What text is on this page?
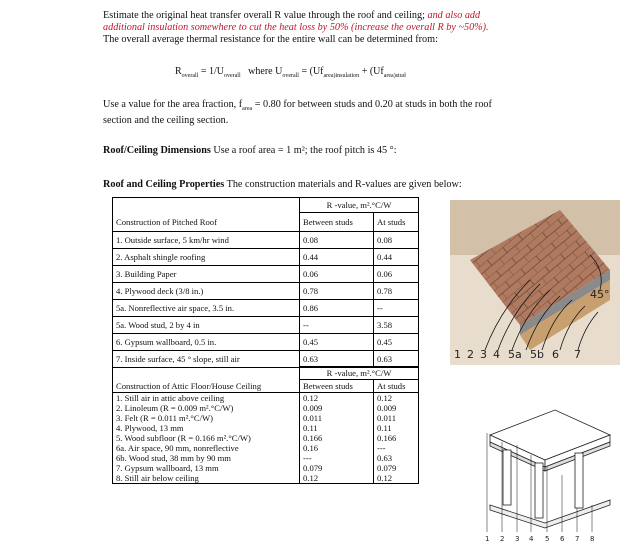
Estimate the original heat transfer overall R value through the roof and ceiling; and also add
additional insulation somewhere to cut the heat loss by 50% (increase the overall R by ~50%).
The overall average thermal resistance for the entire wall can be determined from:
$R_{overall} = 1/U_{overall}$ where $U_{overall} = (Uf_{area)insulation} + (Uf_{area)stud}$
Use a value for the area fraction, $f_{area} = 0.80$ for between studs and 0.20 at studs in both the roof
section and the ceiling section.
Roof/Ceiling Dimensions Use a roof area = 1 m²; the roof pitch is 45 °:
Roof and Ceiling Properties The construction materials and R-values are given below:
	R -value, m².°C/W	
Construction of Pitched Roof	Between studs	At studs
1. Outside surface, 5 km/hr wind	0.08	0.08
2. Asphalt shingle roofing	0.44	0.44
3. Building Paper	0.06	0.06
4. Plywood deck (3/8 in.)	0.78	0.78
5a. Nonreflective air space, 3.5 in.	0.86	--
5a. Wood stud, 2 by 4 in	--	3.58
6. Gypsum wallboard, 0.5 in.	0.45	0.45
7. Inside surface, 45 ° slope, still air	0.63	0.63
	R -value, m².°C/W	
Construction of Attic Floor/House Ceiling	Between studs	At studs
1. Still air in attic above ceiling	0.12	0.12
2. Linoleum (R = 0.009 m².°C/W)	0.009	0.009
3. Felt (R = 0.011 m².°C/W)	0.011	0.011
4. Plywood, 13 mm	0.11	0.11
5. Wood subfloor (R = 0.166 m².°C/W)	0.166	0.166
6a. Air space, 90 mm, nonreflective	0.16	---
6b. Wood stud, 38 mm by 90 mm	---	0.63
7. Gypsum wallboard, 13 mm	0.079	0.079
8. Still air below ceiling	0.12	0.12
45°
1 2 3 4 5a 5b 6 7
1 2 3 4 5 6 7 8
